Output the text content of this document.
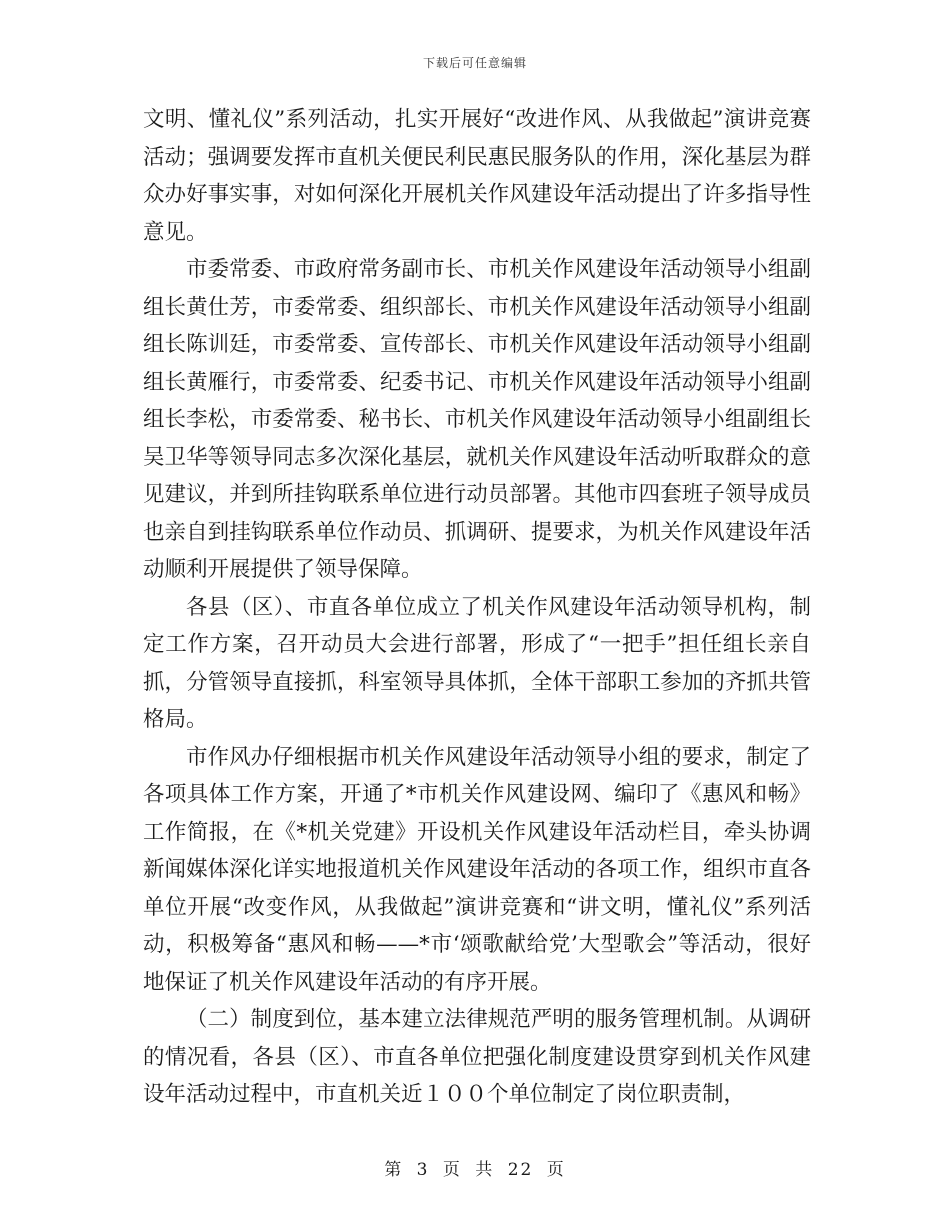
下载后可任意编辑

文明、懂礼仪”系列活动，扎实开展好“改进作风、从我做起”演讲竞赛活动；强调要发挥市直机关便民利民惠民服务队的作用，深化基层为群众办好事实事，对如何深化开展机关作风建设年活动提出了许多指导性意见。

市委常委、市政府常务副市长、市机关作风建设年活动领导小组副组长黄仕芳，市委常委、组织部长、市机关作风建设年活动领导小组副组长陈训廷，市委常委、宣传部长、市机关作风建设年活动领导小组副组长黄雁行，市委常委、纪委书记、市机关作风建设年活动领导小组副组长李松，市委常委、秘书长、市机关作风建设年活动领导小组副组长吴卫华等领导同志多次深化基层，就机关作风建设年活动听取群众的意见建议，并到所挂钩联系单位进行动员部署。其他市四套班子领导成员也亲自到挂钩联系单位作动员、抓调研、提要求，为机关作风建设年活动顺利开展提供了领导保障。

各县（区）、市直各单位成立了机关作风建设年活动领导机构，制定工作方案，召开动员大会进行部署，形成了“一把手”担任组长亲自抓，分管领导直接抓，科室领导具体抓，全体干部职工参加的齐抓共管格局。

市作风办仔细根据市机关作风建设年活动领导小组的要求，制定了各项具体工作方案，开通了*市机关作风建设网、编印了《惠风和畅》工作简报，在《*机关党建》开设机关作风建设年活动栏目，牵头协调新闻媒体深化详实地报道机关作风建设年活动的各项工作，组织市直各单位开展“改变作风，从我做起”演讲竞赛和“讲文明，懂礼仪”系列活动，积极筹备“惠风和畅——*市‘颂歌献给党’大型歌会”等活动，很好地保证了机关作风建设年活动的有序开展。

（二）制度到位，基本建立法律规范严明的服务管理机制。从调研的情况看，各县（区）、市直各单位把强化制度建设贯穿到机关作风建设年活动过程中，市直机关近１００个单位制定了岗位职责制，

第 3 页 共 22 页
